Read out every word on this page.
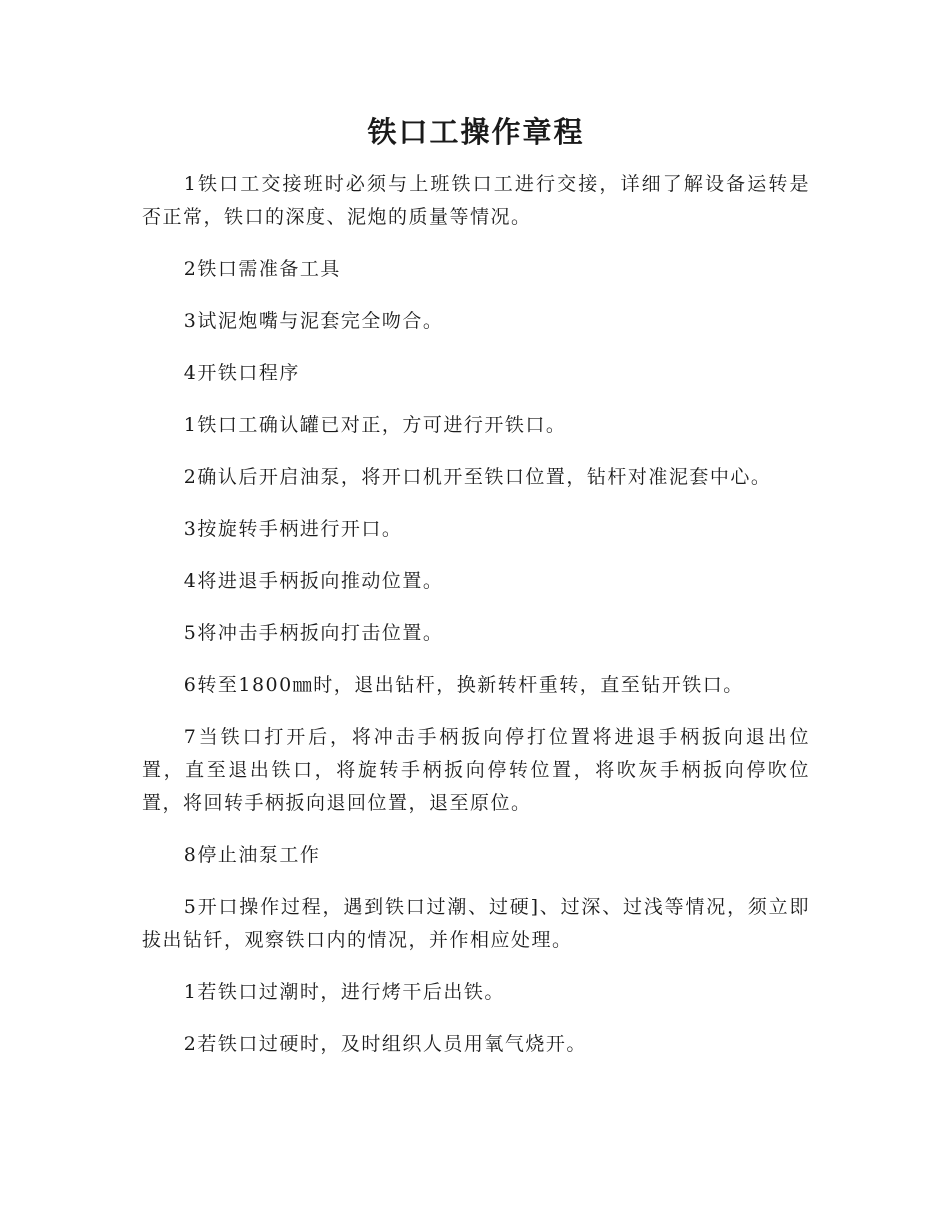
铁口工操作章程

1铁口工交接班时必须与上班铁口工进行交接，详细了解设备运转是否正常，铁口的深度、泥炮的质量等情况。

2铁口需准备工具

3试泥炮嘴与泥套完全吻合。

4开铁口程序

1铁口工确认罐已对正，方可进行开铁口。

2确认后开启油泵，将开口机开至铁口位置，钻杆对准泥套中心。

3按旋转手柄进行开口。

4将进退手柄扳向推动位置。

5将冲击手柄扳向打击位置。

6转至1800㎜时，退出钻杆，换新转杆重转，直至钻开铁口。

7当铁口打开后，将冲击手柄扳向停打位置将进退手柄扳向退出位置，直至退出铁口，将旋转手柄扳向停转位置，将吹灰手柄扳向停吹位置，将回转手柄扳向退回位置，退至原位。

8停止油泵工作

5开口操作过程，遇到铁口过潮、过硬]、过深、过浅等情况，须立即拔出钻钎，观察铁口内的情况，并作相应处理。

1若铁口过潮时，进行烤干后出铁。

2若铁口过硬时，及时组织人员用氧气烧开。
